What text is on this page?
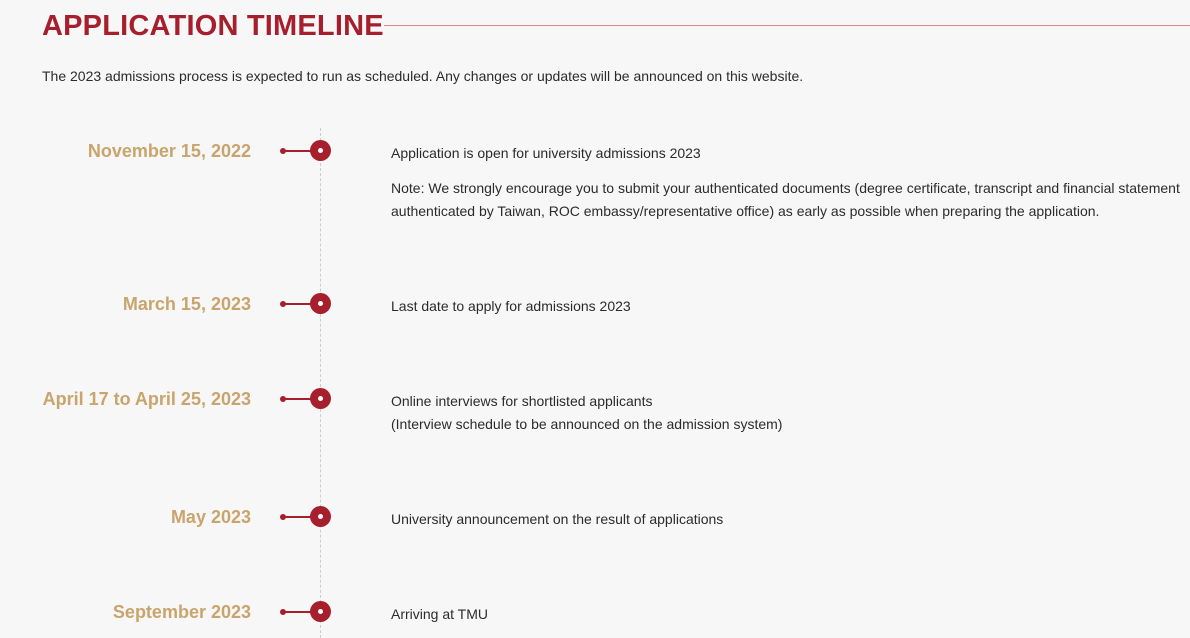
APPLICATION TIMELINE
The 2023 admissions process is expected to run as scheduled. Any changes or updates will be announced on this website.
November 15, 2022	Application is open for university admissions 2023

Note: We strongly encourage you to submit your authenticated documents (degree certificate, transcript and financial statement
authenticated by Taiwan, ROC embassy/representative office) as early as possible when preparing the application.

March 15, 2023	Last date to apply for admissions 2023

April 17 to April 25, 2023	Online interviews for shortlisted applicants

(Interview schedule to be announced on the admission system)

May 2023	University announcement on the result of applications

September 2023	Arriving at TMU
